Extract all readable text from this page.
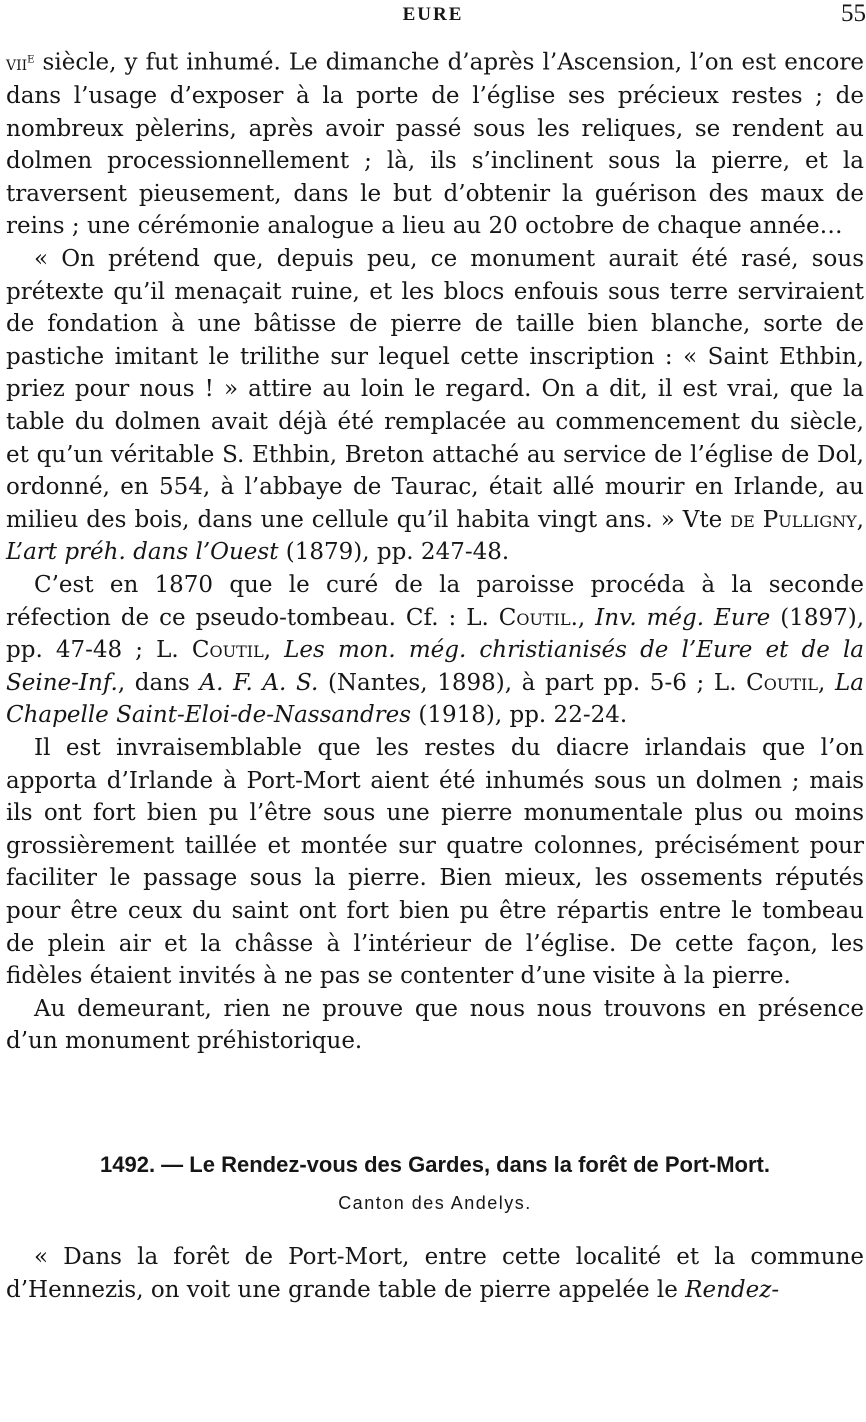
EURE	55

vii$^e$ siècle, y fut inhumé. Le dimanche d’après l’Ascension, l’on est encore dans l’usage d’exposer à la porte de l’église ses précieux restes ; de nombreux pèlerins, après avoir passé sous les reliques, se rendent au dolmen processionnellement ; là, ils s’inclinent sous la pierre, et la traversent pieusement, dans le but d’obtenir la guérison des maux de reins ; une cérémonie analogue a lieu au 20 octobre de chaque année…

« On prétend que, depuis peu, ce monument aurait été rasé, sous prétexte qu’il menaçait ruine, et les blocs enfouis sous terre serviraient de fondation à une bâtisse de pierre de taille bien blanche, sorte de pastiche imitant le trilithe sur lequel cette inscription : « Saint Ethbin, priez pour nous ! » attire au loin le regard. On a dit, il est vrai, que la table du dolmen avait déjà été remplacée au commencement du siècle, et qu’un véritable S. Ethbin, Breton attaché au service de l’église de Dol, ordonné, en 554, à l’abbaye de Taurac, était allé mourir en Irlande, au milieu des bois, dans une cellule qu’il habita vingt ans. » Vte de Pulligny, L’art préh. dans l’Ouest (1879), pp. 247-48.

C’est en 1870 que le curé de la paroisse procéda à la seconde réfection de ce pseudo-tombeau. Cf. : L. Coutil., Inv. még. Eure (1897), pp. 47-48 ; L. Coutil, Les mon. még. christianisés de l’Eure et de la Seine-Inf., dans A. F. A. S. (Nantes, 1898), à part pp. 5-6 ; L. Coutil, La Chapelle Saint-Eloi-de-Nassandres (1918), pp. 22-24.

Il est invraisemblable que les restes du diacre irlandais que l’on apporta d’Irlande à Port-Mort aient été inhumés sous un dolmen ; mais ils ont fort bien pu l’être sous une pierre monumentale plus ou moins grossièrement taillée et montée sur quatre colonnes, précisément pour faciliter le passage sous la pierre. Bien mieux, les ossements réputés pour être ceux du saint ont fort bien pu être répartis entre le tombeau de plein air et la châsse à l’intérieur de l’église. De cette façon, les fidèles étaient invités à ne pas se contenter d’une visite à la pierre.

Au demeurant, rien ne prouve que nous nous trouvons en présence d’un monument préhistorique.

1492. — Le Rendez-vous des Gardes, dans la forêt de Port-Mort.
Canton des Andelys.

« Dans la forêt de Port-Mort, entre cette localité et la commune d’Hennezis, on voit une grande table de pierre appelée le Rendez-
